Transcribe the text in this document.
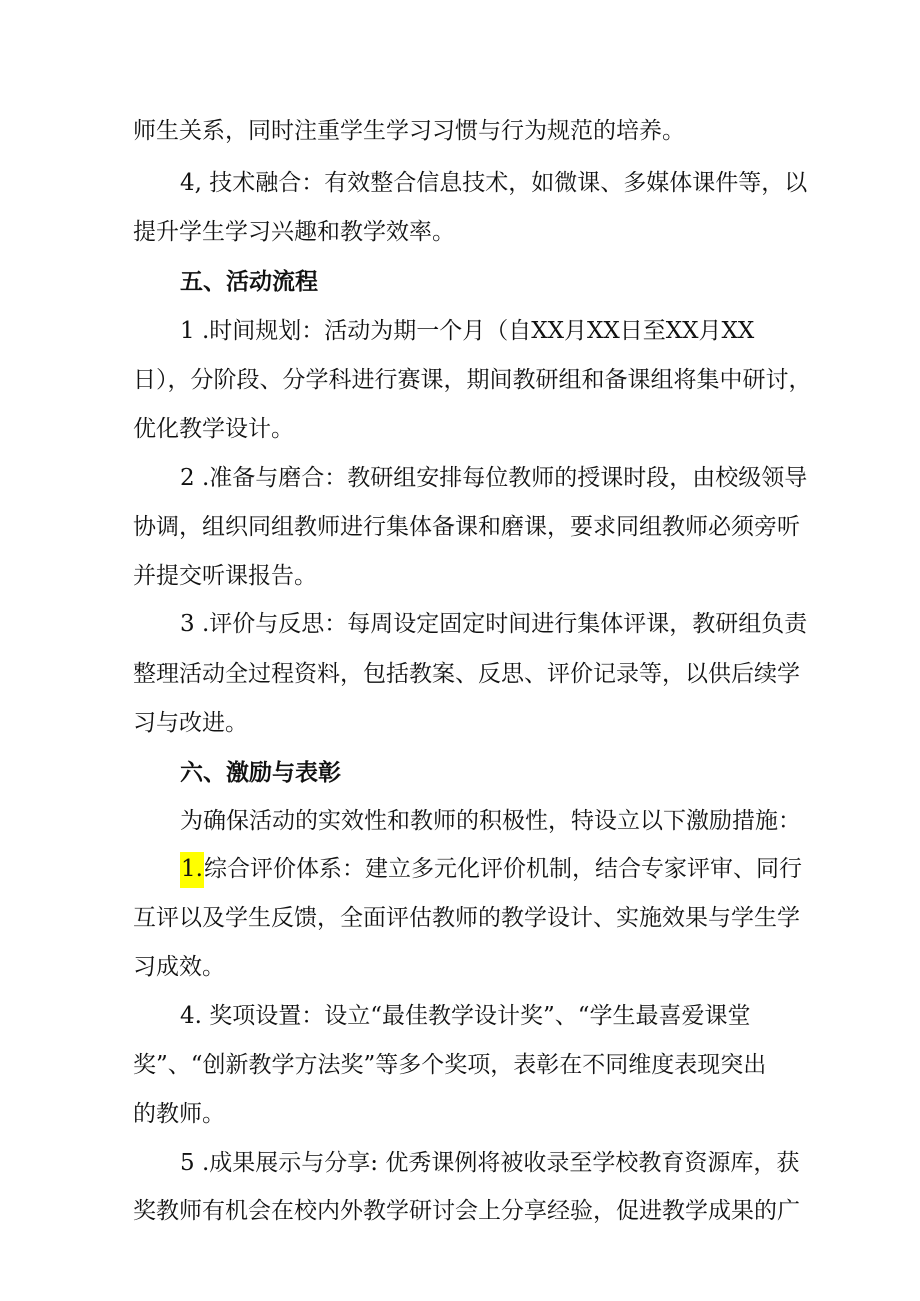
师生关系，同时注重学生学习习惯与行为规范的培养。
4, 技术融合：有效整合信息技术，如微课、多媒体课件等，以
提升学生学习兴趣和教学效率。
五、活动流程
1 .时间规划：活动为期一个月（自XX月XX日至XX月XX
日），分阶段、分学科进行赛课，期间教研组和备课组将集中研讨，
优化教学设计。
2 .准备与磨合：教研组安排每位教师的授课时段，由校级领导
协调，组织同组教师进行集体备课和磨课，要求同组教师必须旁听
并提交听课报告。
3 .评价与反思：每周设定固定时间进行集体评课，教研组负责
整理活动全过程资料，包括教案、反思、评价记录等，以供后续学
习与改进。
六、激励与表彰
为确保活动的实效性和教师的积极性，特设立以下激励措施：
1.综合评价体系：建立多元化评价机制，结合专家评审、同行
互评以及学生反馈，全面评估教师的教学设计、实施效果与学生学
习成效。
4. 奖项设置：设立“最佳教学设计奖”、“学生最喜爱课堂
奖”、“创新教学方法奖”等多个奖项，表彰在不同维度表现突出
的教师。
5 .成果展示与分享: 优秀课例将被收录至学校教育资源库，获
奖教师有机会在校内外教学研讨会上分享经验，促进教学成果的广
